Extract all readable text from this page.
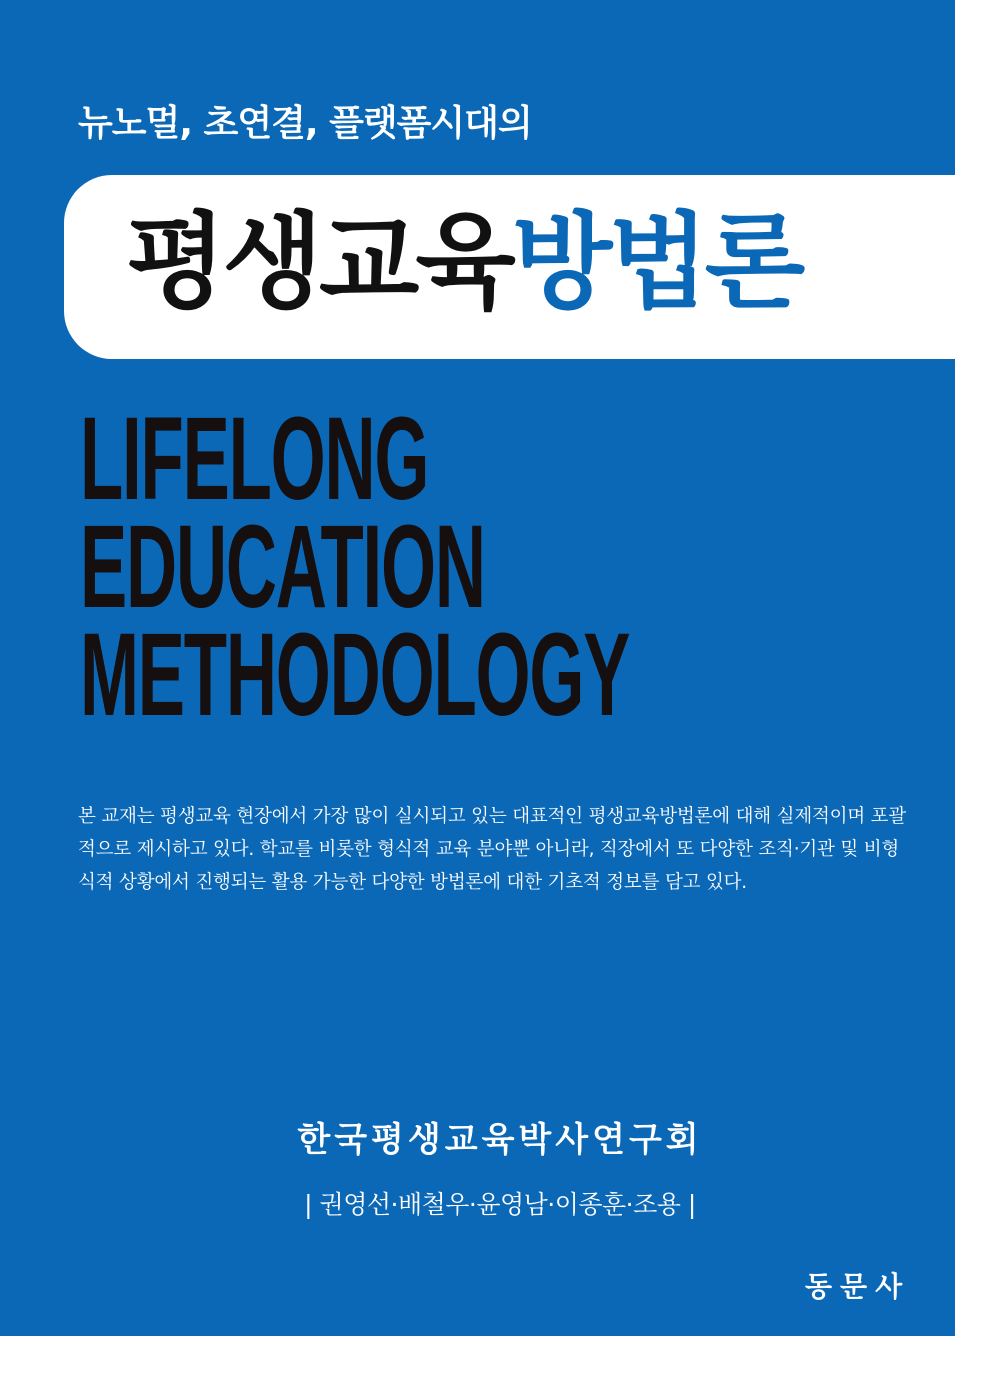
뉴노멀, 초연결, 플랫폼시대의

평생교육방법론
LIFELONG
EDUCATION
METHODOLOGY

본 교재는 평생교육 현장에서 가장 많이 실시되고 있는 대표적인 평생교육방법론에 대해 실제적이며 포괄적으로 제시하고 있다. 학교를 비롯한 형식적 교육 분야뿐 아니라, 직장에서 또 다양한 조직·기관 및 비형식적 상황에서 진행되는 활용 가능한 다양한 방법론에 대한 기초적 정보를 담고 있다.

한국평생교육박사연구회

| 권영선·배철우·윤영남·이종훈·조용 |

동문사
